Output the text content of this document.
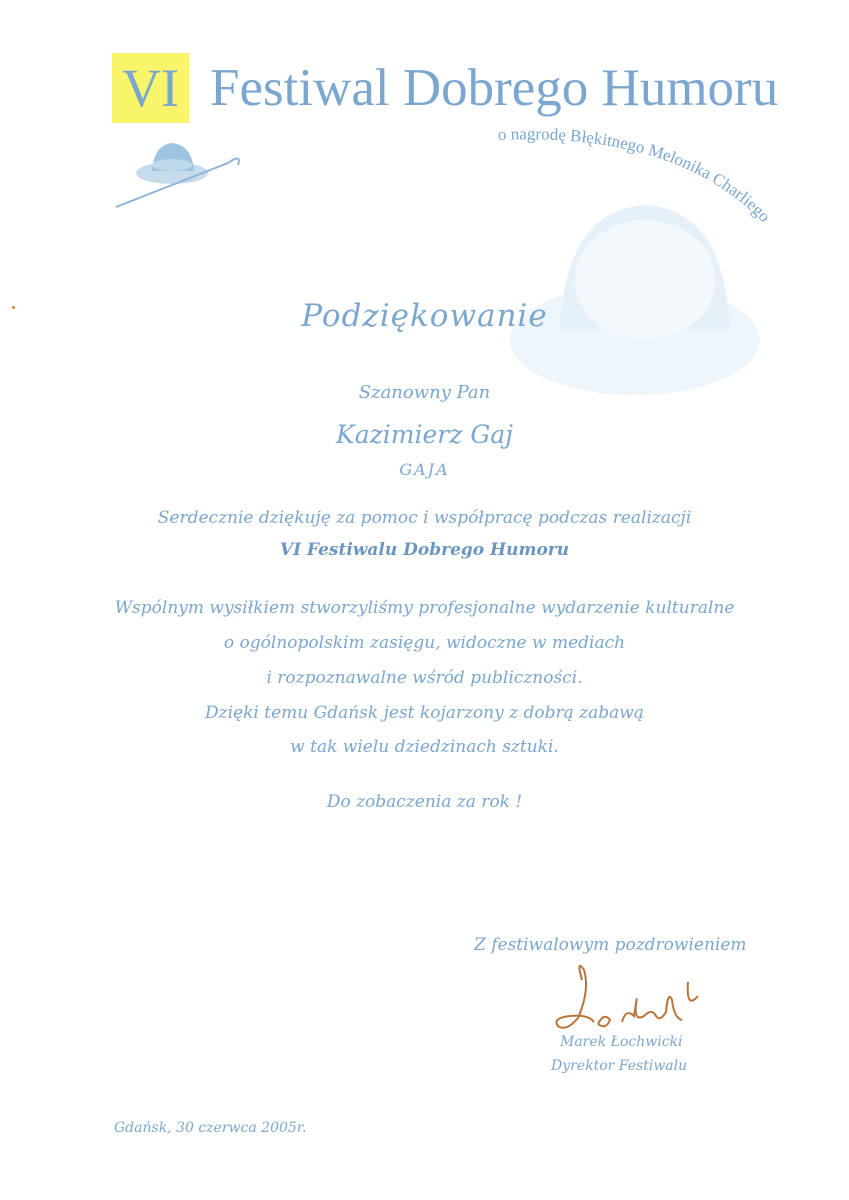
VI Festiwal Dobrego Humoru
o nagrodę Błękitnego Melonika Charliego
Podziękowanie
Szanowny Pan
Kazimierz Gaj
GAJA
Serdecznie dziękuję za pomoc i współpracę podczas realizacji
VI Festiwalu Dobrego Humoru
Wspólnym wysiłkiem stworzyliśmy profesjonalne wydarzenie kulturalne
o ogólnopolskim zasięgu, widoczne w mediach
i rozpoznawalne wśród publiczności.
Dzięki temu Gdańsk jest kojarzony z dobrą zabawą
w tak wielu dziedzinach sztuki.
Do zobaczenia za rok !
Z festiwalowym pozdrowieniem
Marek Łochwicki
Dyrektor Festiwalu
Gdańsk, 30 czerwca 2005r.
